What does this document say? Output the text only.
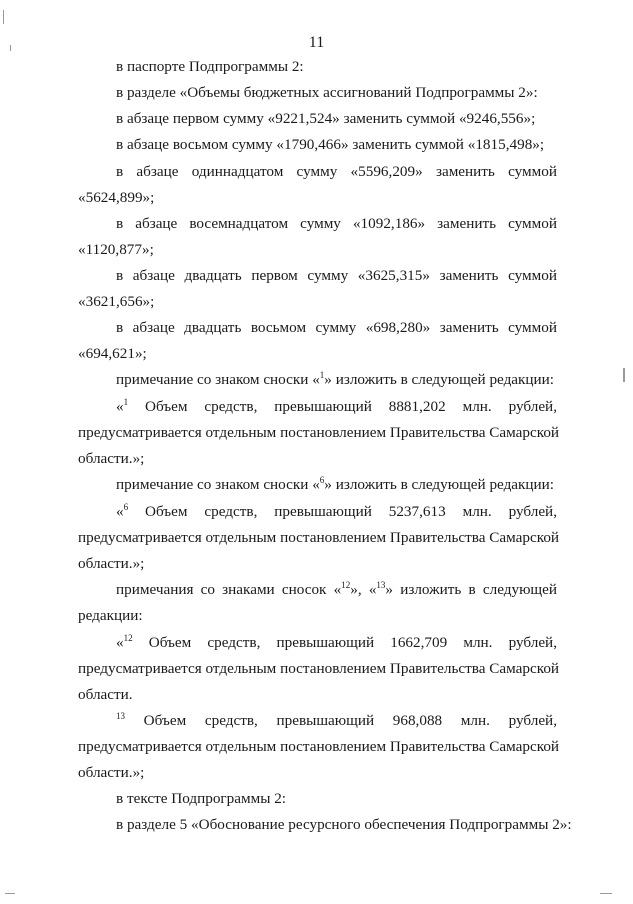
11
в паспорте Подпрограммы 2:
в разделе «Объемы бюджетных ассигнований Подпрограммы 2»:
в абзаце первом сумму «9221,524» заменить суммой «9246,556»;
в абзаце восьмом сумму «1790,466» заменить суммой «1815,498»;
в абзаце одиннадцатом сумму «5596,209» заменить суммой
«5624,899»;
в абзаце восемнадцатом сумму «1092,186» заменить суммой
«1120,877»;
в абзаце двадцать первом сумму «3625,315» заменить суммой
«3621,656»;
в абзаце двадцать восьмом сумму «698,280» заменить суммой
«694,621»;
примечание со знаком сноски «$^1$» изложить в следующей редакции:
«$^1$ Объем средств, превышающий 8881,202 млн. рублей,
предусматривается отдельным постановлением Правительства Самарской
области.»;
примечание со знаком сноски «$^6$» изложить в следующей редакции:
«$^6$ Объем средств, превышающий 5237,613 млн. рублей,
предусматривается отдельным постановлением Правительства Самарской
области.»;
примечания со знаками сносок «$^{12}$», «$^{13}$» изложить в следующей
редакции:
«$^{12}$ Объем средств, превышающий 1662,709 млн. рублей,
предусматривается отдельным постановлением Правительства Самарской
области.
$^{13}$ Объем средств, превышающий 968,088 млн. рублей,
предусматривается отдельным постановлением Правительства Самарской
области.»;
в тексте Подпрограммы 2:
в разделе 5 «Обоснование ресурсного обеспечения Подпрограммы 2»:
